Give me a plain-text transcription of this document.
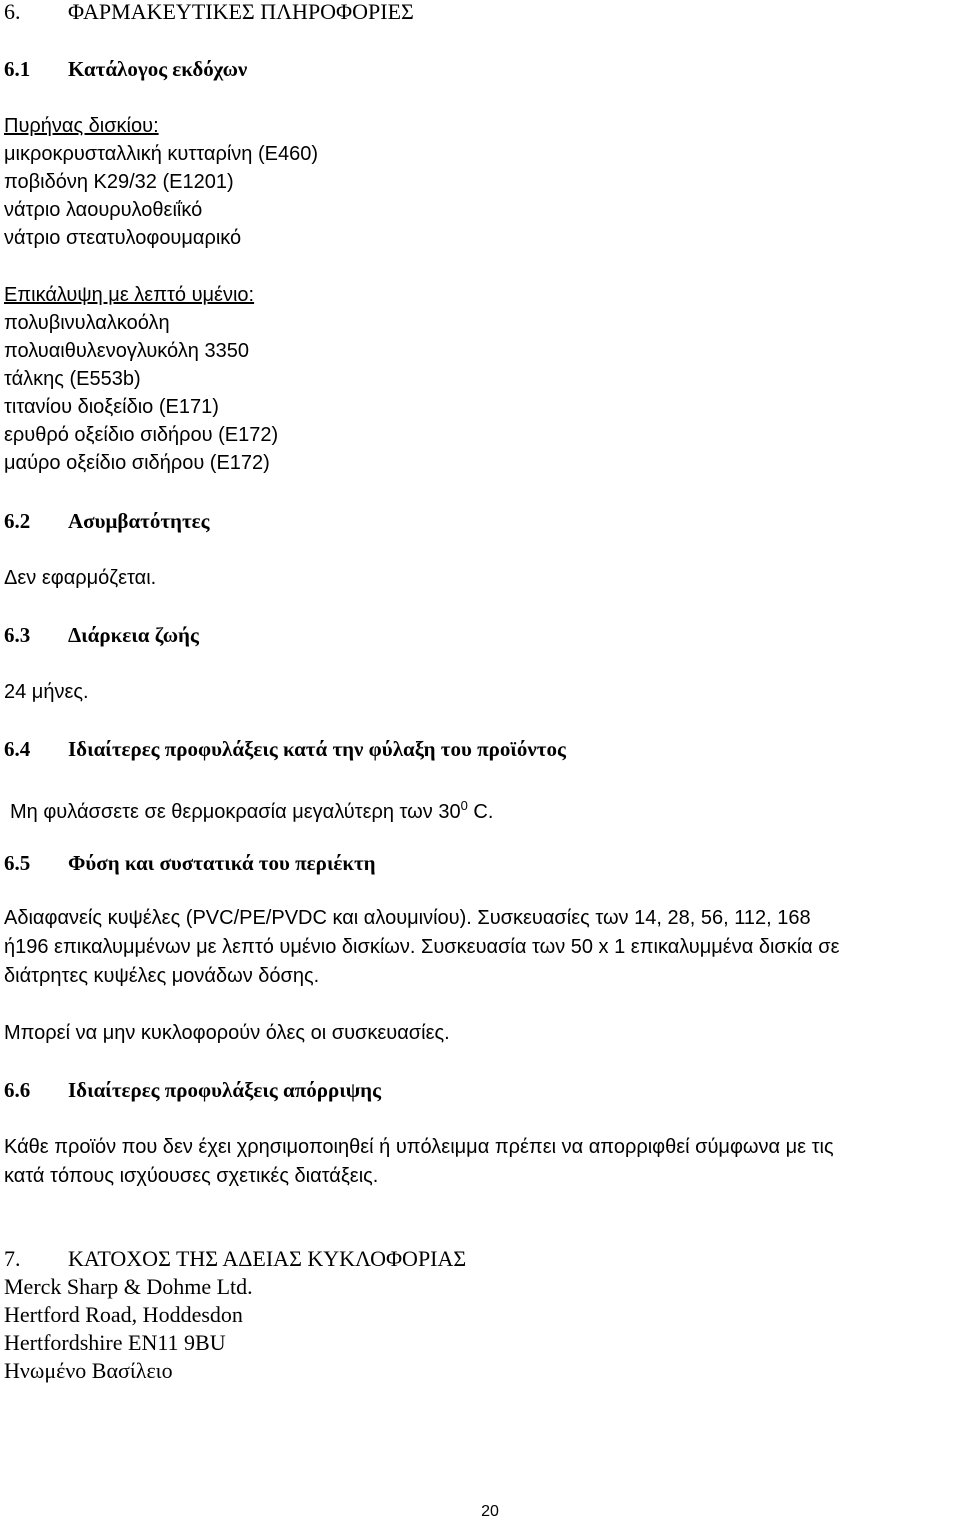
6. ΦΑΡΜΑΚΕΥΤΙΚΕΣ ΠΛΗΡΟΦΟΡΙΕΣ
6.1 Κατάλογος εκδόχων
Πυρήνας δισκίου:
μικροκρυσταλλική κυτταρίνη (E460)
ποβιδόνη K29/32 (E1201)
νάτριο λαουρυλοθειΐκό
νάτριο στεατυλοφουμαρικό
Επικάλυψη με λεπτό υμένιο:
πολυβινυλαλκοόλη
πολυαιθυλενογλυκόλη 3350
τάλκης (E553b)
τιτανίου διοξείδιο (E171)
ερυθρό οξείδιο σιδήρου (E172)
μαύρο οξείδιο σιδήρου (E172)
6.2 Ασυμβατότητες
Δεν εφαρμόζεται.
6.3 Διάρκεια ζωής
24 μήνες.
6.4 Ιδιαίτερες προφυλάξεις κατά την φύλαξη του προϊόντος
Μη φυλάσσετε σε θερμοκρασία μεγαλύτερη των $30^0$ C.
6.5 Φύση και συστατικά του περιέκτη
Αδιαφανείς κυψέλες (PVC/PE/PVDC και αλουμινίου). Συσκευασίες των 14, 28, 56, 112, 168
ή196 επικαλυμμένων με λεπτό υμένιο δισκίων. Συσκευασία των 50 x 1 επικαλυμμένα δισκία σε
διάτρητες κυψέλες μονάδων δόσης.
Μπορεί να μην κυκλοφορούν όλες οι συσκευασίες.
6.6 Ιδιαίτερες προφυλάξεις απόρριψης
Κάθε προϊόν που δεν έχει χρησιμοποιηθεί ή υπόλειμμα πρέπει να απορριφθεί σύμφωνα με τις
κατά τόπους ισχύουσες σχετικές διατάξεις.
7. ΚΑΤΟΧΟΣ ΤΗΣ ΑΔΕΙΑΣ ΚΥΚΛΟΦΟΡΙΑΣ
Merck Sharp & Dohme Ltd.
Hertford Road, Hoddesdon
Hertfordshire EN11 9BU
Ηνωμένο Βασίλειο
20
